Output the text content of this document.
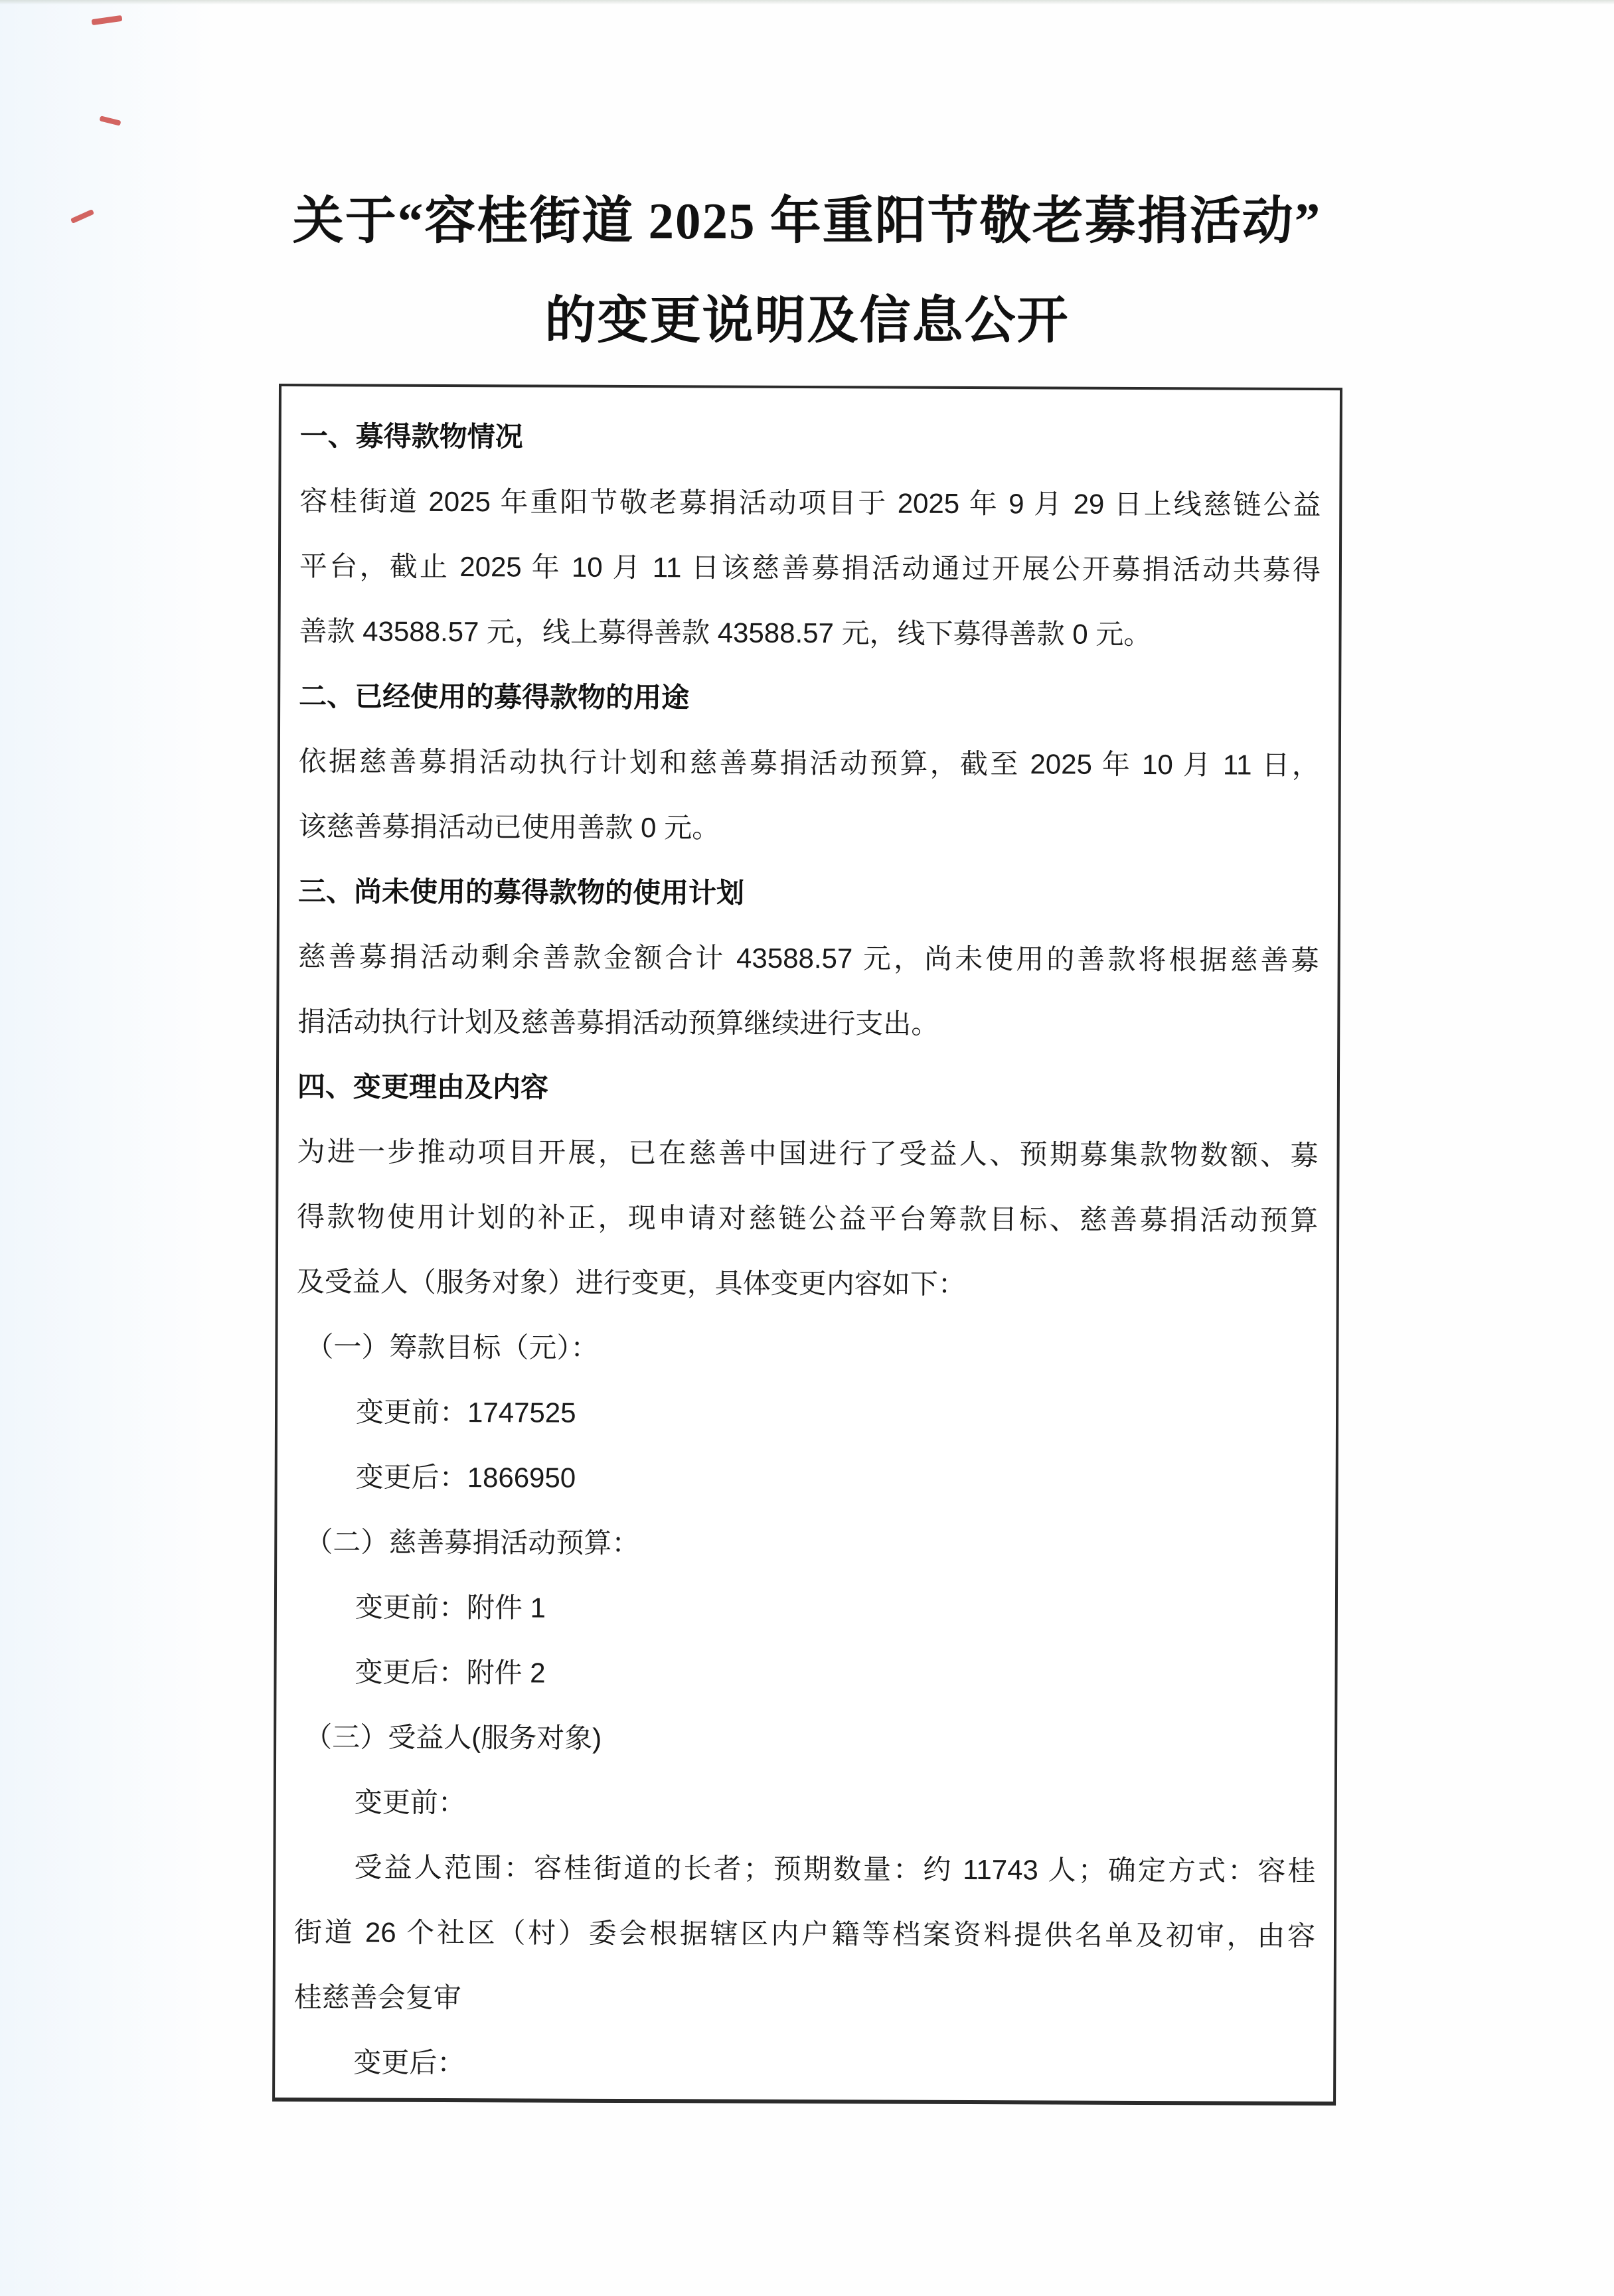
关于“容桂街道 2025 年重阳节敬老募捐活动”
的变更说明及信息公开
一、募得款物情况
容桂街道 2025 年重阳节敬老募捐活动项目于 2025 年 9 月 29 日上线慈链公益
平台，截止 2025 年 10 月 11 日该慈善募捐活动通过开展公开募捐活动共募得
善款 43588.57 元，线上募得善款 43588.57 元，线下募得善款 0 元。
二、已经使用的募得款物的用途
依据慈善募捐活动执行计划和慈善募捐活动预算，截至 2025 年 10 月 11 日，
该慈善募捐活动已使用善款 0 元。
三、尚未使用的募得款物的使用计划
慈善募捐活动剩余善款金额合计 43588.57 元，尚未使用的善款将根据慈善募
捐活动执行计划及慈善募捐活动预算继续进行支出。
四、变更理由及内容
为进一步推动项目开展，已在慈善中国进行了受益人、预期募集款物数额、募
得款物使用计划的补正，现申请对慈链公益平台筹款目标、慈善募捐活动预算
及受益人（服务对象）进行变更，具体变更内容如下：
（一）筹款目标（元）：
变更前：1747525
变更后：1866950
（二）慈善募捐活动预算：
变更前：附件 1
变更后：附件 2
（三）受益人(服务对象)
变更前：
受益人范围：容桂街道的长者；预期数量：约 11743 人；确定方式：容桂
街道 26 个社区（村）委会根据辖区内户籍等档案资料提供名单及初审，由容
桂慈善会复审
变更后：
